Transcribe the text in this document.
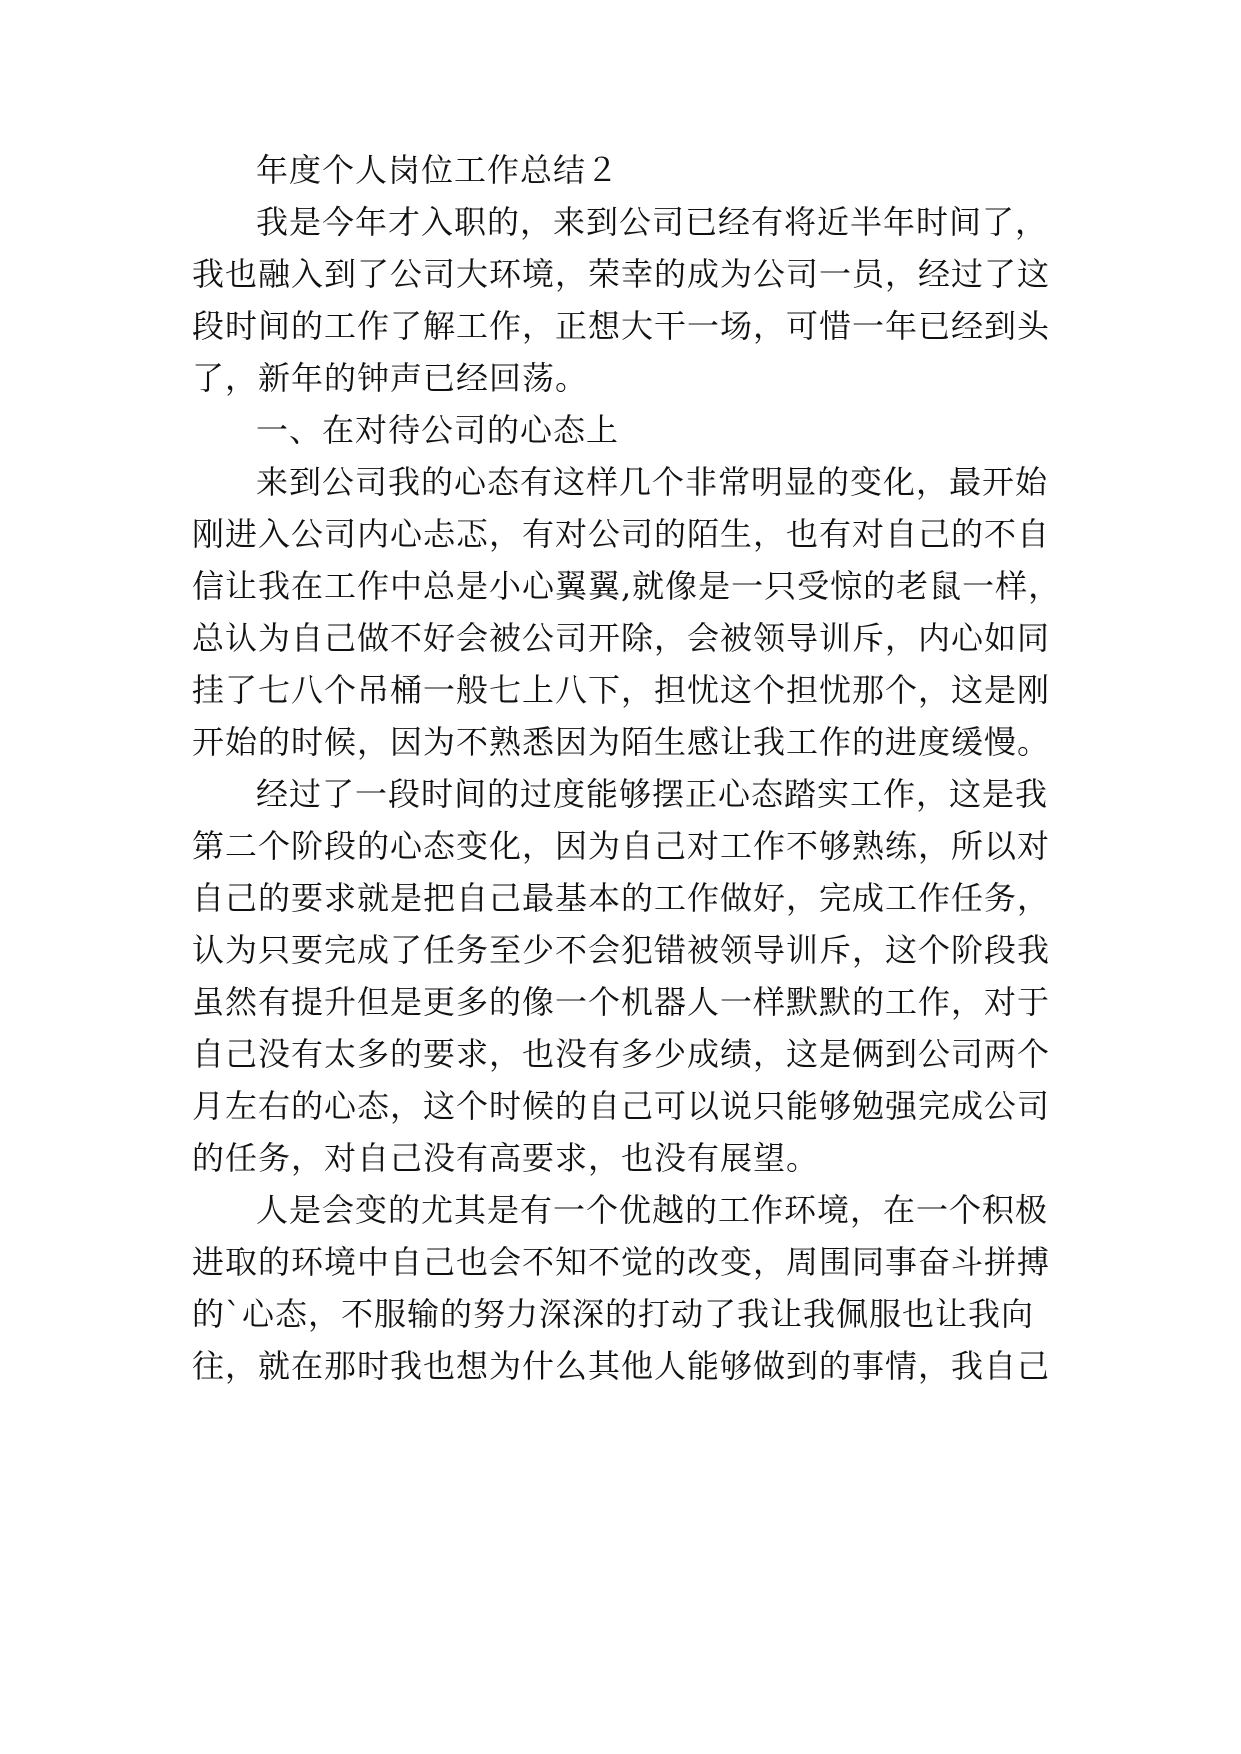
年度个人岗位工作总结２
我是今年才入职的，来到公司已经有将近半年时间了，
我也融入到了公司大环境，荣幸的成为公司一员，经过了这
段时间的工作了解工作，正想大干一场，可惜一年已经到头
了，新年的钟声已经回荡。
一、在对待公司的心态上
来到公司我的心态有这样几个非常明显的变化，最开始
刚进入公司内心忐忑，有对公司的陌生，也有对自己的不自
信让我在工作中总是小心翼翼,就像是一只受惊的老鼠一样，
总认为自己做不好会被公司开除，会被领导训斥，内心如同
挂了七八个吊桶一般七上八下，担忧这个担忧那个，这是刚
开始的时候，因为不熟悉因为陌生感让我工作的进度缓慢。
经过了一段时间的过度能够摆正心态踏实工作，这是我
第二个阶段的心态变化，因为自己对工作不够熟练，所以对
自己的要求就是把自己最基本的工作做好，完成工作任务，
认为只要完成了任务至少不会犯错被领导训斥，这个阶段我
虽然有提升但是更多的像一个机器人一样默默的工作，对于
自己没有太多的要求，也没有多少成绩，这是俩到公司两个
月左右的心态，这个时候的自己可以说只能够勉强完成公司
的任务，对自己没有高要求，也没有展望。
人是会变的尤其是有一个优越的工作环境，在一个积极
进取的环境中自己也会不知不觉的改变，周围同事奋斗拼搏
的`心态，不服输的努力深深的打动了我让我佩服也让我向
往，就在那时我也想为什么其他人能够做到的事情，我自己
